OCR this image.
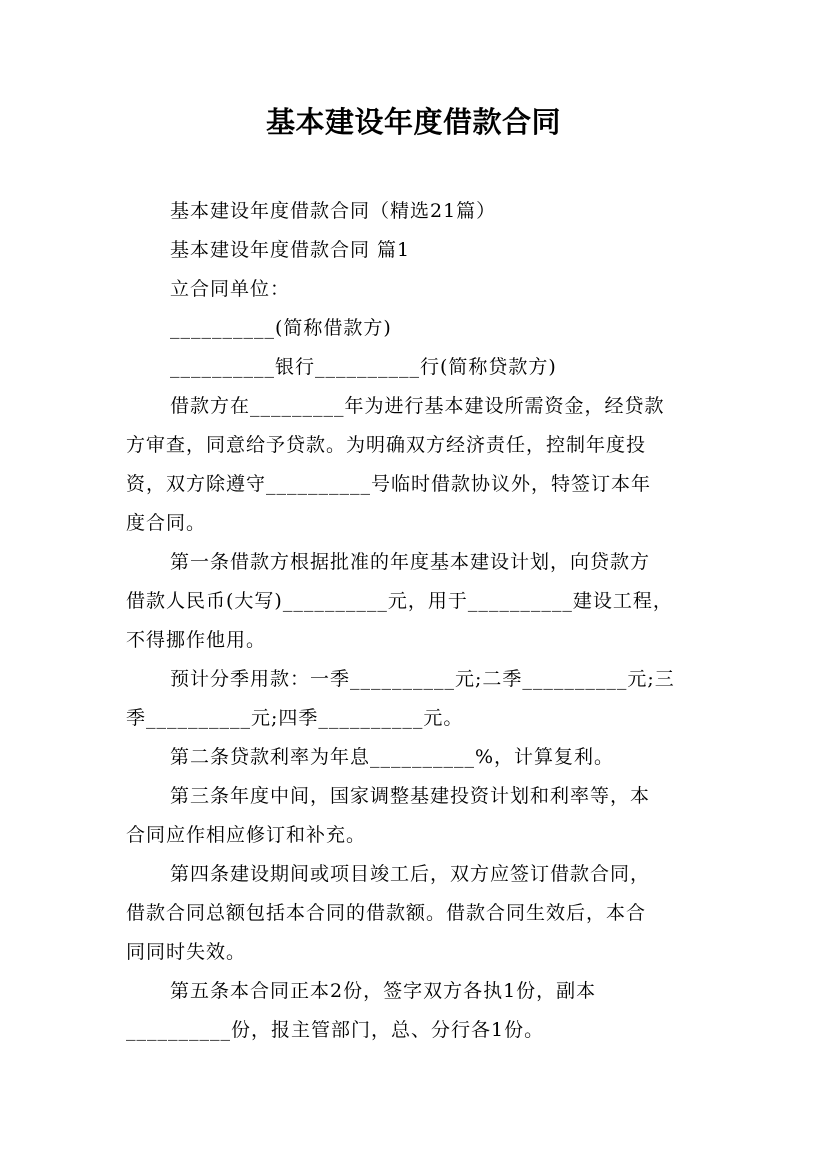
基本建设年度借款合同
基本建设年度借款合同（精选21篇）
基本建设年度借款合同 篇1
立合同单位：
__________(简称借款方)
__________银行__________行(简称贷款方)
借款方在_________年为进行基本建设所需资金，经贷款
方审查，同意给予贷款。为明确双方经济责任，控制年度投
资，双方除遵守__________号临时借款协议外，特签订本年
度合同。
第一条借款方根据批准的年度基本建设计划，向贷款方
借款人民币(大写)__________元，用于__________建设工程，
不得挪作他用。
预计分季用款：一季__________元;二季__________元;三
季__________元;四季__________元。
第二条贷款利率为年息__________%，计算复利。
第三条年度中间，国家调整基建投资计划和利率等，本
合同应作相应修订和补充。
第四条建设期间或项目竣工后，双方应签订借款合同，
借款合同总额包括本合同的借款额。借款合同生效后，本合
同同时失效。
第五条本合同正本2份，签字双方各执1份，副本
__________份，报主管部门，总、分行各1份。
